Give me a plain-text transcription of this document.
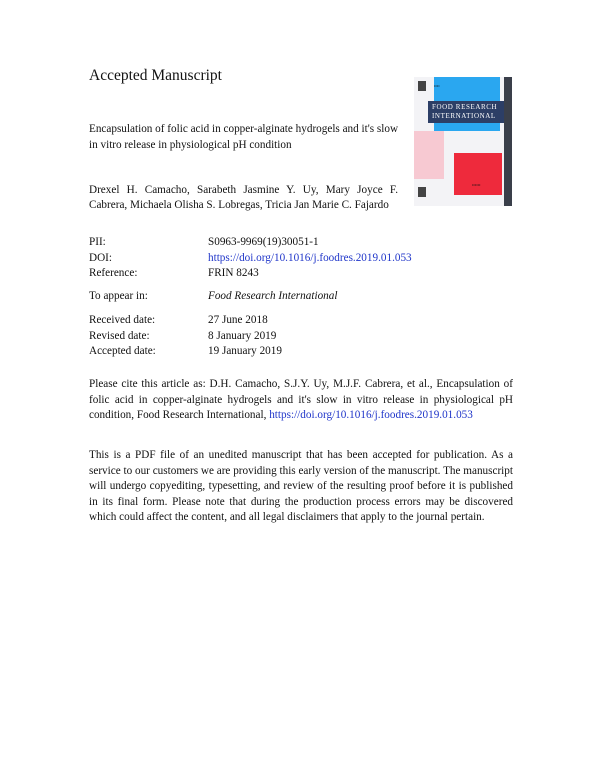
Accepted Manuscript
••••
••••••
FOOD RESEARCH INTERNATIONAL
Encapsulation of folic acid in copper-alginate hydrogels and it's slow in vitro release in physiological pH condition
Drexel H. Camacho, Sarabeth Jasmine Y. Uy, Mary Joyce F. Cabrera, Michaela Olisha S. Lobregas, Tricia Jan Marie C. Fajardo
PII:	S0963-9969(19)30051-1
DOI:	https://doi.org/10.1016/j.foodres.2019.01.053
Reference:	FRIN 8243
To appear in:	Food Research International
Received date:	27 June 2018
Revised date:	8 January 2019
Accepted date:	19 January 2019
Please cite this article as: D.H. Camacho, S.J.Y. Uy, M.J.F. Cabrera, et al., Encapsulation of folic acid in copper-alginate hydrogels and it's slow in vitro release in physiological pH condition, Food Research International, https://doi.org/10.1016/j.foodres.2019.01.053
This is a PDF file of an unedited manuscript that has been accepted for publication. As a service to our customers we are providing this early version of the manuscript. The manuscript will undergo copyediting, typesetting, and review of the resulting proof before it is published in its final form. Please note that during the production process errors may be discovered which could affect the content, and all legal disclaimers that apply to the journal pertain.
